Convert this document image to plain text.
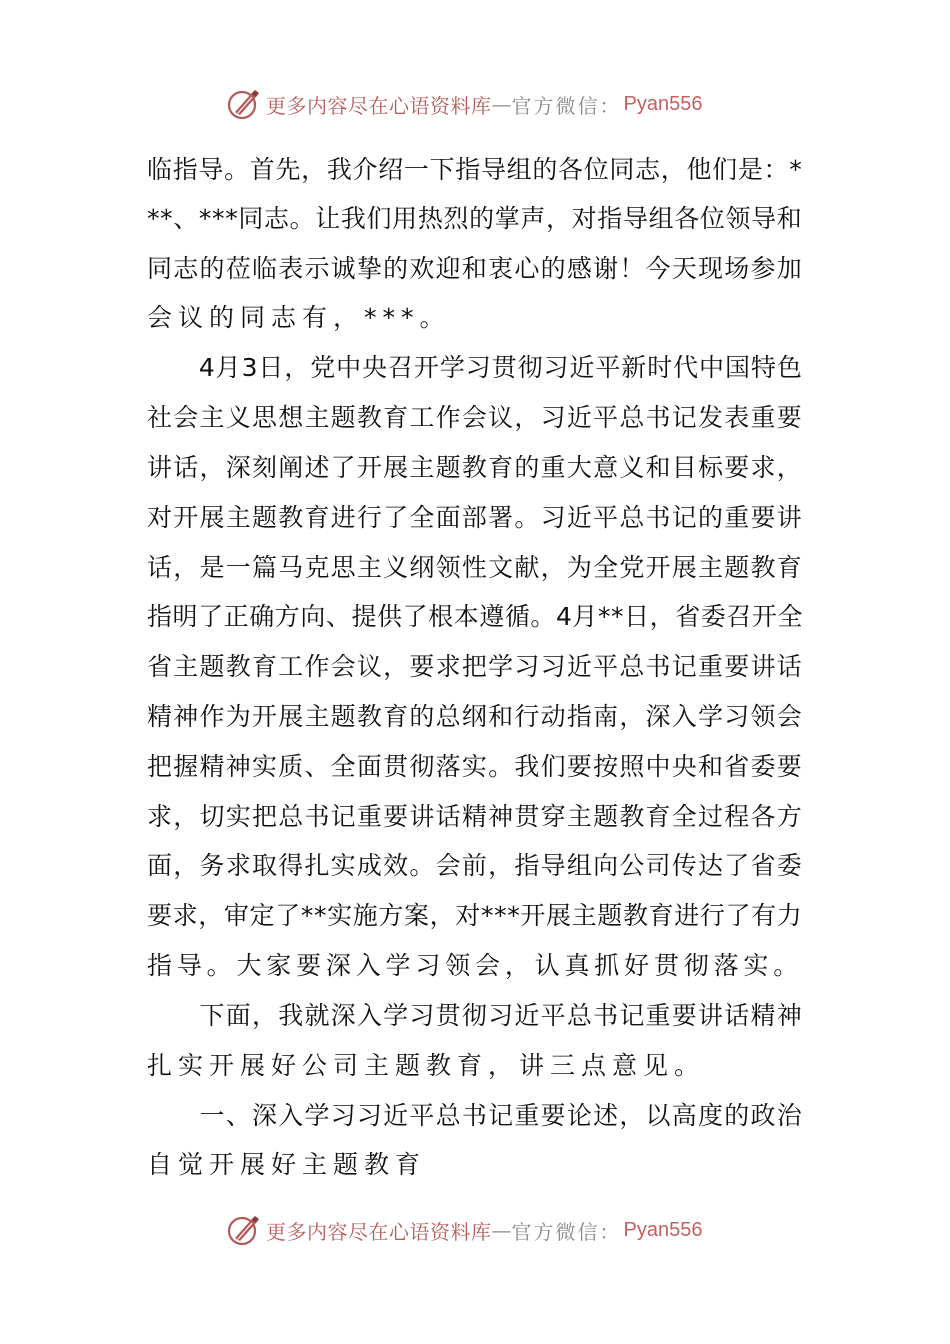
更多内容尽在心语资料库 — 官方微信： Pyan556
临指导。首先，我介绍一下指导组的各位同志，他们是：*
**、***同志。让我们用热烈的掌声，对指导组各位领导和
同志的莅临表示诚挚的欢迎和衷心的感谢！今天现场参加
会议的同志有，***。
　　4月3日，党中央召开学习贯彻习近平新时代中国特色
社会主义思想主题教育工作会议，习近平总书记发表重要
讲话，深刻阐述了开展主题教育的重大意义和目标要求，
对开展主题教育进行了全面部署。习近平总书记的重要讲
话，是一篇马克思主义纲领性文献，为全党开展主题教育
指明了正确方向、提供了根本遵循。4月**日，省委召开全
省主题教育工作会议，要求把学习习近平总书记重要讲话
精神作为开展主题教育的总纲和行动指南，深入学习领会
把握精神实质、全面贯彻落实。我们要按照中央和省委要
求，切实把总书记重要讲话精神贯穿主题教育全过程各方
面，务求取得扎实成效。会前，指导组向公司传达了省委
要求，审定了**实施方案，对***开展主题教育进行了有力
指导。大家要深入学习领会，认真抓好贯彻落实。
　　下面，我就深入学习贯彻习近平总书记重要讲话精神
扎实开展好公司主题教育，讲三点意见。
　　一、深入学习习近平总书记重要论述，以高度的政治
自觉开展好主题教育
更多内容尽在心语资料库 — 官方微信： Pyan556
